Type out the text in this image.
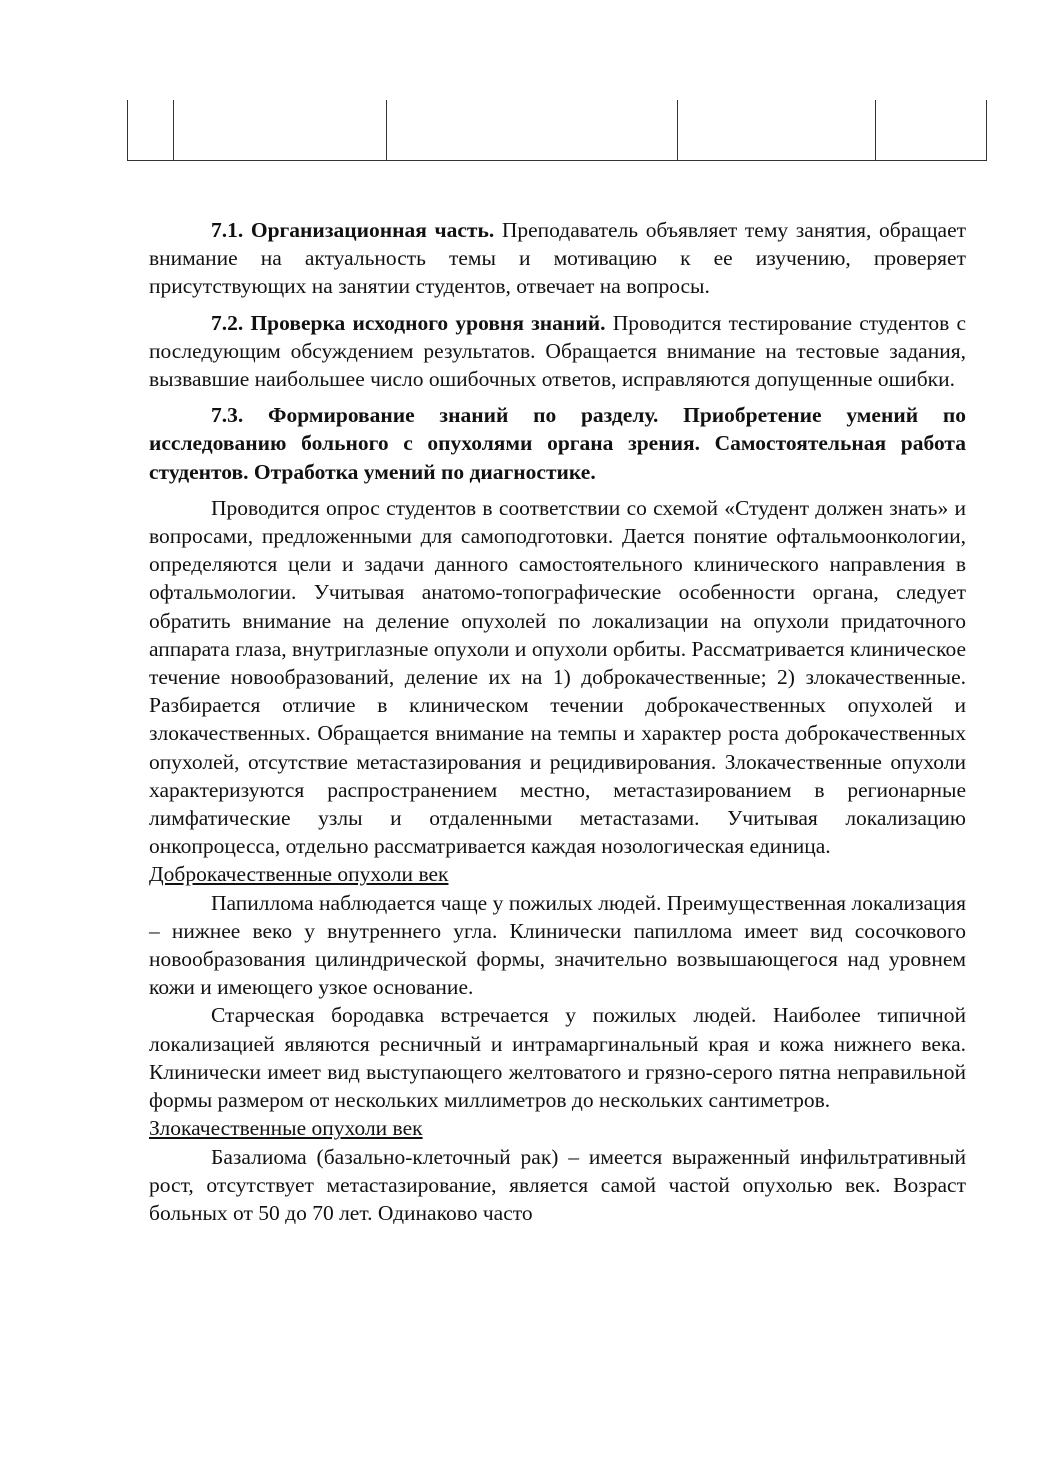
7.1. Организационная часть. Преподаватель объявляет тему занятия, обращает внимание на актуальность темы и мотивацию к ее изучению, проверяет присутствующих на занятии студентов, отвечает на вопросы.

7.2. Проверка исходного уровня знаний. Проводится тестирование студентов с последующим обсуждением результатов. Обращается внимание на тестовые задания, вызвавшие наибольшее число ошибочных ответов, исправляются допущенные ошибки.

7.3. Формирование знаний по разделу. Приобретение умений по исследованию больного с опухолями органа зрения. Самостоятельная работа студентов. Отработка умений по диагностике.

Проводится опрос студентов в соответствии со схемой «Студент должен знать» и вопросами, предложенными для самоподготовки. Дается понятие офтальмоонкологии, определяются цели и задачи данного самостоятельного клинического направления в офтальмологии. Учитывая анатомо-топографические особенности органа, следует обратить внимание на деление опухолей по локализации на опухоли придаточного аппарата глаза, внутриглазные опухоли и опухоли орбиты. Рассматривается клиническое течение новообразований, деление их на 1) доброкачественные; 2) злокачественные. Разбирается отличие в клиническом течении доброкачественных опухолей и злокачественных. Обращается внимание на темпы и характер роста доброкачественных опухолей, отсутствие метастазирования и рецидивирования. Злокачественные опухоли характеризуются распространением местно, метастазированием в регионарные лимфатические узлы и отдаленными метастазами. Учитывая локализацию онкопроцесса, отдельно рассматривается каждая нозологическая единица.

Доброкачественные опухоли век

Папиллома наблюдается чаще у пожилых людей. Преимущественная локализация – нижнее веко у внутреннего угла. Клинически папиллома имеет вид сосочкового новообразования цилиндрической формы, значительно возвышающегося над уровнем кожи и имеющего узкое основание.

Старческая бородавка встречается у пожилых людей. Наиболее типичной локализацией являются ресничный и интрамаргинальный края и кожа нижнего века. Клинически имеет вид выступающего желтоватого и грязно-серого пятна неправильной формы размером от нескольких миллиметров до нескольких сантиметров.

Злокачественные опухоли век

Базалиома (базально-клеточный рак) – имеется выраженный инфильтративный рост, отсутствует метастазирование, является самой частой опухолью век. Возраст больных от 50 до 70 лет. Одинаково часто
